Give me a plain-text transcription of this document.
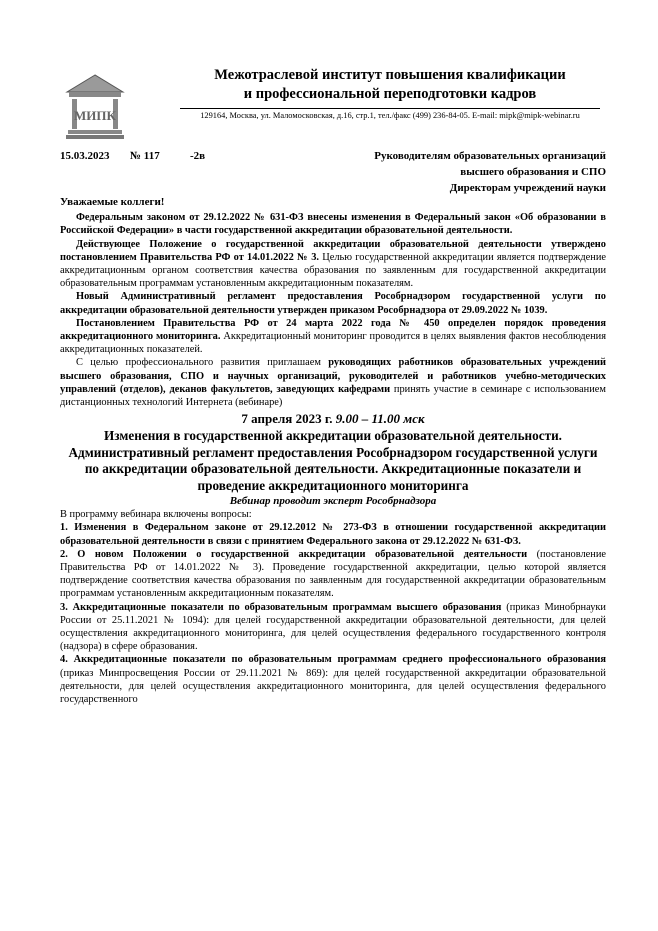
МИПК
Межотраслевой институт повышения квалификации
и профессиональной переподготовки кадров
129164, Москва, ул. Маломосковская, д.16, стр.1, тел./факс (499) 236-84-05. E-mail: mipk@mipk-webinar.ru
15.03.2023 № 117	-2в	Руководителям образовательных организаций
высшего образования и СПО
Директорам учреждений науки

Уважаемые коллеги!

Федеральным законом от 29.12.2022 № 631-ФЗ внесены изменения в Федеральный закон «Об образовании в Российской Федерации» в части государственной аккредитации образовательной деятельности.

Действующее Положение о государственной аккредитации образовательной деятельности утверждено постановлением Правительства РФ от 14.01.2022 № 3. Целью государственной аккредитации является подтверждение аккредитационным органом соответствия качества образования по заявленным для государственной аккредитации образовательным программам установленным аккредитационным показателям.

Новый Административный регламент предоставления Рособрнадзором государственной услуги по аккредитации образовательной деятельности утвержден приказом Рособрнадзора от 29.09.2022 № 1039.

Постановлением Правительства РФ от 24 марта 2022 года № 450 определен порядок проведения аккредитационного мониторинга. Аккредитационный мониторинг проводится в целях выявления фактов несоблюдения аккредитационных показателей.

С целью профессионального развития приглашаем руководящих работников образовательных учреждений высшего образования, СПО и научных организаций, руководителей и работников учебно-методических управлений (отделов), деканов факультетов, заведующих кафедрами принять участие в семинаре с использованием дистанционных технологий Интернета (вебинаре)

7 апреля 2023 г. 9.00 – 11.00 мск
Изменения в государственной аккредитации образовательной деятельности. Административный регламент предоставления Рособрнадзором государственной услуги по аккредитации образовательной деятельности. Аккредитационные показатели и проведение аккредитационного мониторинга
Вебинар проводит эксперт Рособрнадзора

В программу вебинара включены вопросы:

1. Изменения в Федеральном законе от 29.12.2012 № 273-ФЗ в отношении государственной аккредитации образовательной деятельности в связи с принятием Федерального закона от 29.12.2022 № 631-ФЗ.

2. О новом Положении о государственной аккредитации образовательной деятельности (постановление Правительства РФ от 14.01.2022 № 3). Проведение государственной аккредитации, целью которой является подтверждение соответствия качества образования по заявленным для государственной аккредитации образовательным программам установленным аккредитационным показателям.

3. Аккредитационные показатели по образовательным программам высшего образования (приказ Минобрнауки России от 25.11.2021 № 1094): для целей государственной аккредитации образовательной деятельности, для целей осуществления аккредитационного мониторинга, для целей осуществления федерального государственного контроля (надзора) в сфере образования.

4. Аккредитационные показатели по образовательным программам среднего профессионального образования (приказ Минпросвещения России от 29.11.2021 № 869): для целей государственной аккредитации образовательной деятельности, для целей осуществления аккредитационного мониторинга, для целей осуществления федерального государственного
